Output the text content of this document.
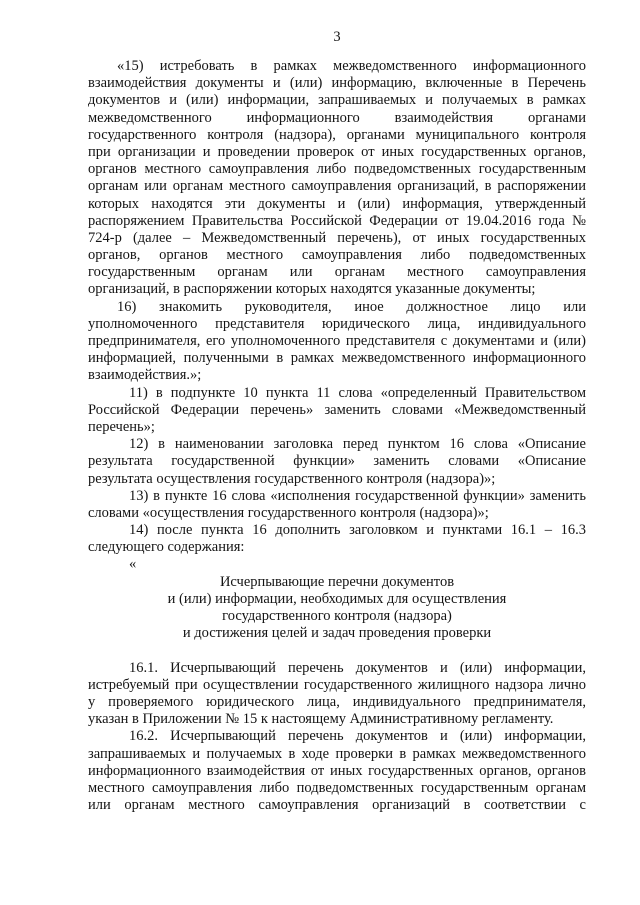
3
«15) истребовать в рамках межведомственного информационного
взаимодействия документы и (или) информацию, включенные в Перечень
документов и (или) информации, запрашиваемых и получаемых в рамках
межведомственного информационного взаимодействия органами
государственного контроля (надзора), органами муниципального контроля
при организации и проведении проверок от иных государственных органов,
органов местного самоуправления либо подведомственных государственным
органам или органам местного самоуправления организаций, в распоряжении
которых находятся эти документы и (или) информация, утвержденный
распоряжением Правительства Российской Федерации от 19.04.2016 года №
724-р (далее – Межведомственный перечень), от иных государственных
органов, органов местного самоуправления либо подведомственных
государственным органам или органам местного самоуправления
организаций, в распоряжении которых находятся указанные документы;
16) знакомить руководителя, иное должностное лицо или
уполномоченного представителя юридического лица, индивидуального
предпринимателя, его уполномоченного представителя с документами и (или)
информацией, полученными в рамках межведомственного информационного
взаимодействия.»;
11) в подпункте 10 пункта 11 слова «определенный Правительством
Российской Федерации перечень» заменить словами «Межведомственный
перечень»;
12) в наименовании заголовка перед пунктом 16 слова «Описание
результата государственной функции» заменить словами «Описание
результата осуществления государственного контроля (надзора)»;
13) в пункте 16 слова «исполнения государственной функции» заменить
словами «осуществления государственного контроля (надзора)»;
14) после пункта 16 дополнить заголовком и пунктами 16.1 – 16.3
следующего содержания:
«
Исчерпывающие перечни документов
и (или) информации, необходимых для осуществления
государственного контроля (надзора)
и достижения целей и задач проведения проверки
16.1. Исчерпывающий перечень документов и (или) информации,
истребуемый при осуществлении государственного жилищного надзора лично
у проверяемого юридического лица, индивидуального предпринимателя,
указан в Приложении № 15 к настоящему Административному регламенту.
16.2. Исчерпывающий перечень документов и (или) информации,
запрашиваемых и получаемых в ходе проверки в рамках межведомственного
информационного взаимодействия от иных государственных органов, органов
местного самоуправления либо подведомственных государственным органам
или органам местного самоуправления организаций в соответствии с
